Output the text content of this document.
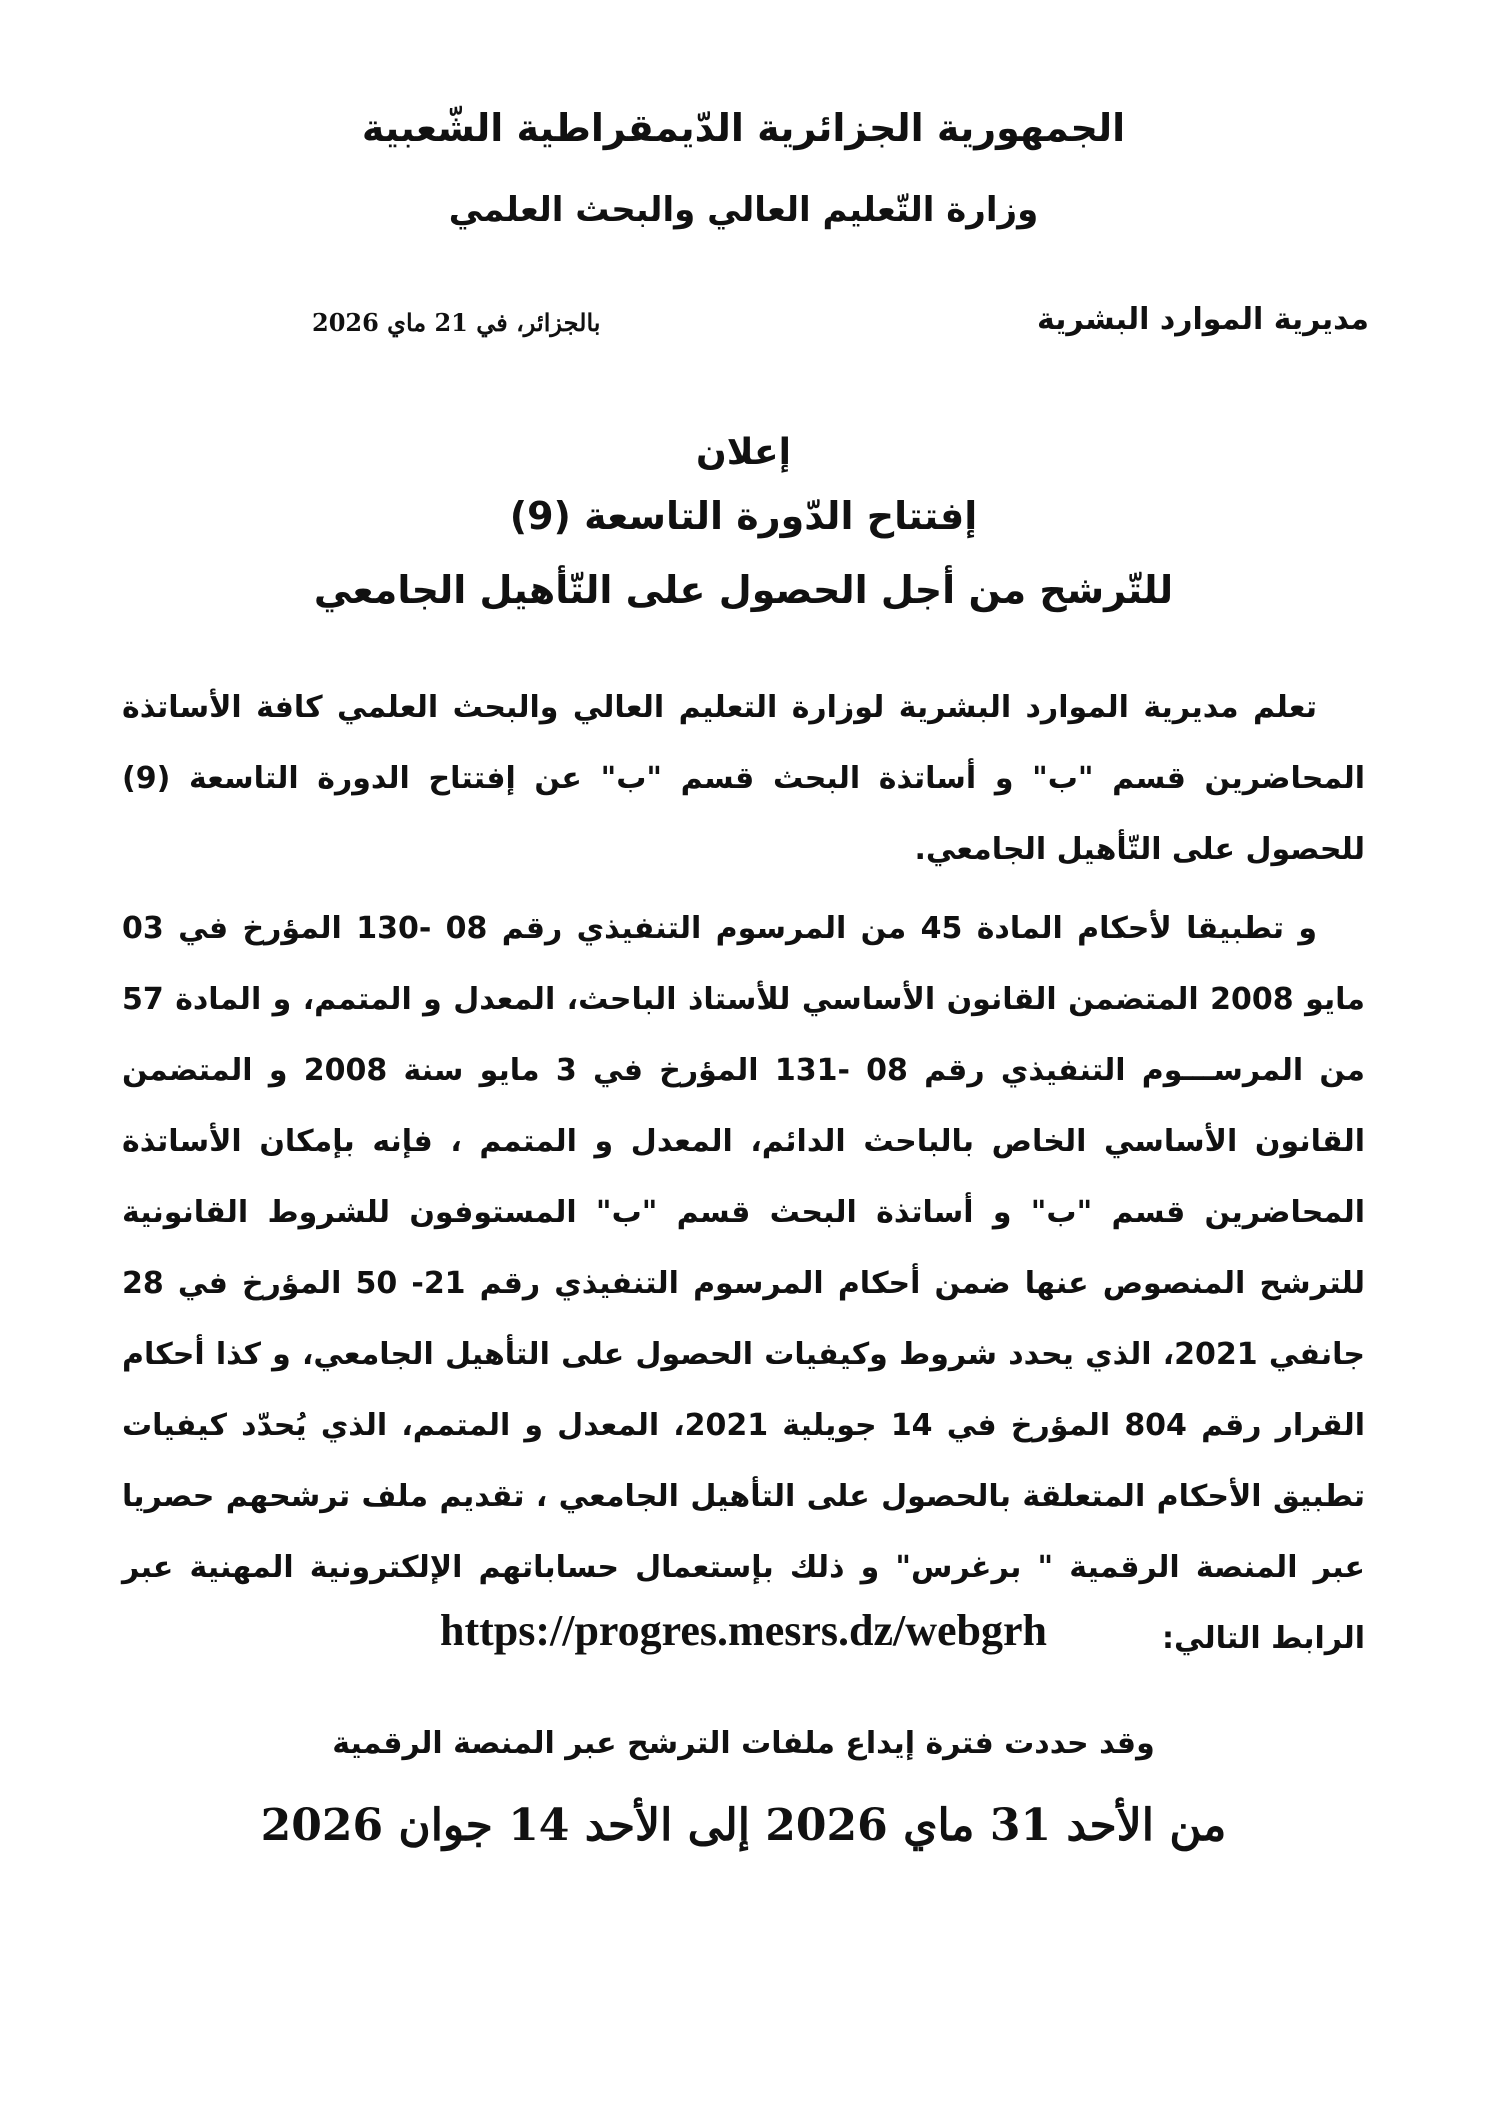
الجمهورية الجزائرية الدّيمقراطية الشّعبية
وزارة التّعليم العالي والبحث العلمي
مديرية الموارد البشرية
بالجزائر، في 21 ماي 2026
إعلان
إفتتاح الدّورة التاسعة (9)
للتّرشح من أجل الحصول على التّأهيل الجامعي

تعلم مديرية الموارد البشرية لوزارة التعليم العالي والبحث العلمي كافة الأساتذة المحاضرين قسم "ب" و أساتذة البحث قسم "ب" عن إفتتاح الدورة التاسعة (9) للحصول على التّأهيل الجامعي.

و تطبيقا لأحكام المادة 45 من المرسوم التنفيذي رقم 08 -130 المؤرخ في 03 مايو 2008 المتضمن القانون الأساسي للأستاذ الباحث، المعدل و المتمم، و المادة 57 من المرســـوم التنفيذي رقم 08 -131 المؤرخ في 3 مايو سنة 2008 و المتضمن القانون الأساسي الخاص بالباحث الدائم، المعدل و المتمم ، فإنه بإمكان الأساتذة المحاضرين قسم "ب" و أساتذة البحث قسم "ب" المستوفون للشروط القانونية للترشح المنصوص عنها ضمن أحكام المرسوم التنفيذي رقم 21- 50 المؤرخ في 28 جانفي 2021، الذي يحدد شروط وكيفيات الحصول على التأهيل الجامعي، و كذا أحكام القرار رقم 804 المؤرخ في 14 جويلية 2021، المعدل و المتمم، الذي يُحدّد كيفيات تطبيق الأحكام المتعلقة بالحصول على التأهيل الجامعي ، تقديم ملف ترشحهم حصريا عبر المنصة الرقمية " برغرس" و ذلك بإستعمال حساباتهم الإلكترونية المهنية عبر الرابط التالي:

https://progres.mesrs.dz/webgrh
وقد حددت فترة إيداع ملفات الترشح عبر المنصة الرقمية
من الأحد 31 ماي 2026 إلى الأحد 14 جوان 2026
